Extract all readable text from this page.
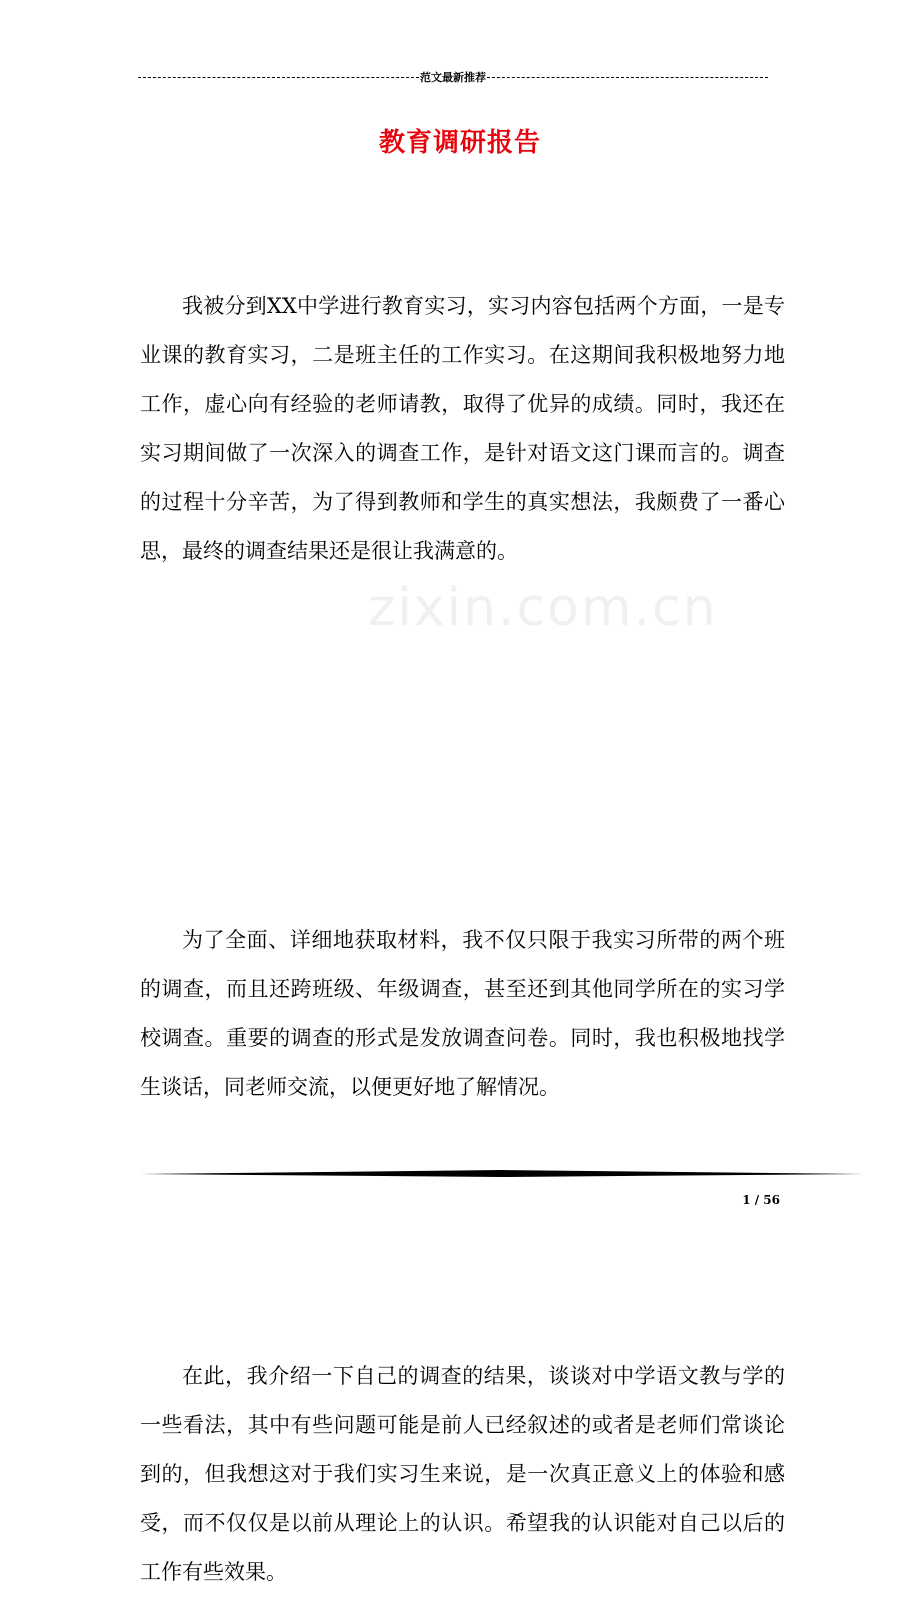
范文最新推荐
教育调研报告
zixin.com.cn

我被分到XX中学进行教育实习，实习内容包括两个方面，一是专业课的教育实习，二是班主任的工作实习。在这期间我积极地努力地工作，虚心向有经验的老师请教，取得了优异的成绩。同时，我还在实习期间做了一次深入的调查工作，是针对语文这门课而言的。调查的过程十分辛苦，为了得到教师和学生的真实想法，我颇费了一番心思，最终的调查结果还是很让我满意的。

为了全面、详细地获取材料，我不仅只限于我实习所带的两个班的调查，而且还跨班级、年级调查，甚至还到其他同学所在的实习学校调查。重要的调查的形式是发放调查问卷。同时，我也积极地找学生谈话，同老师交流，以便更好地了解情况。

在此，我介绍一下自己的调查的结果，谈谈对中学语文教与学的一些看法，其中有些问题可能是前人已经叙述的或者是老师们常谈论到的，但我想这对于我们实习生来说，是一次真正意义上的体验和感受，而不仅仅是以前从理论上的认识。希望我的认识能对自己以后的工作有些效果。

1 / 56
